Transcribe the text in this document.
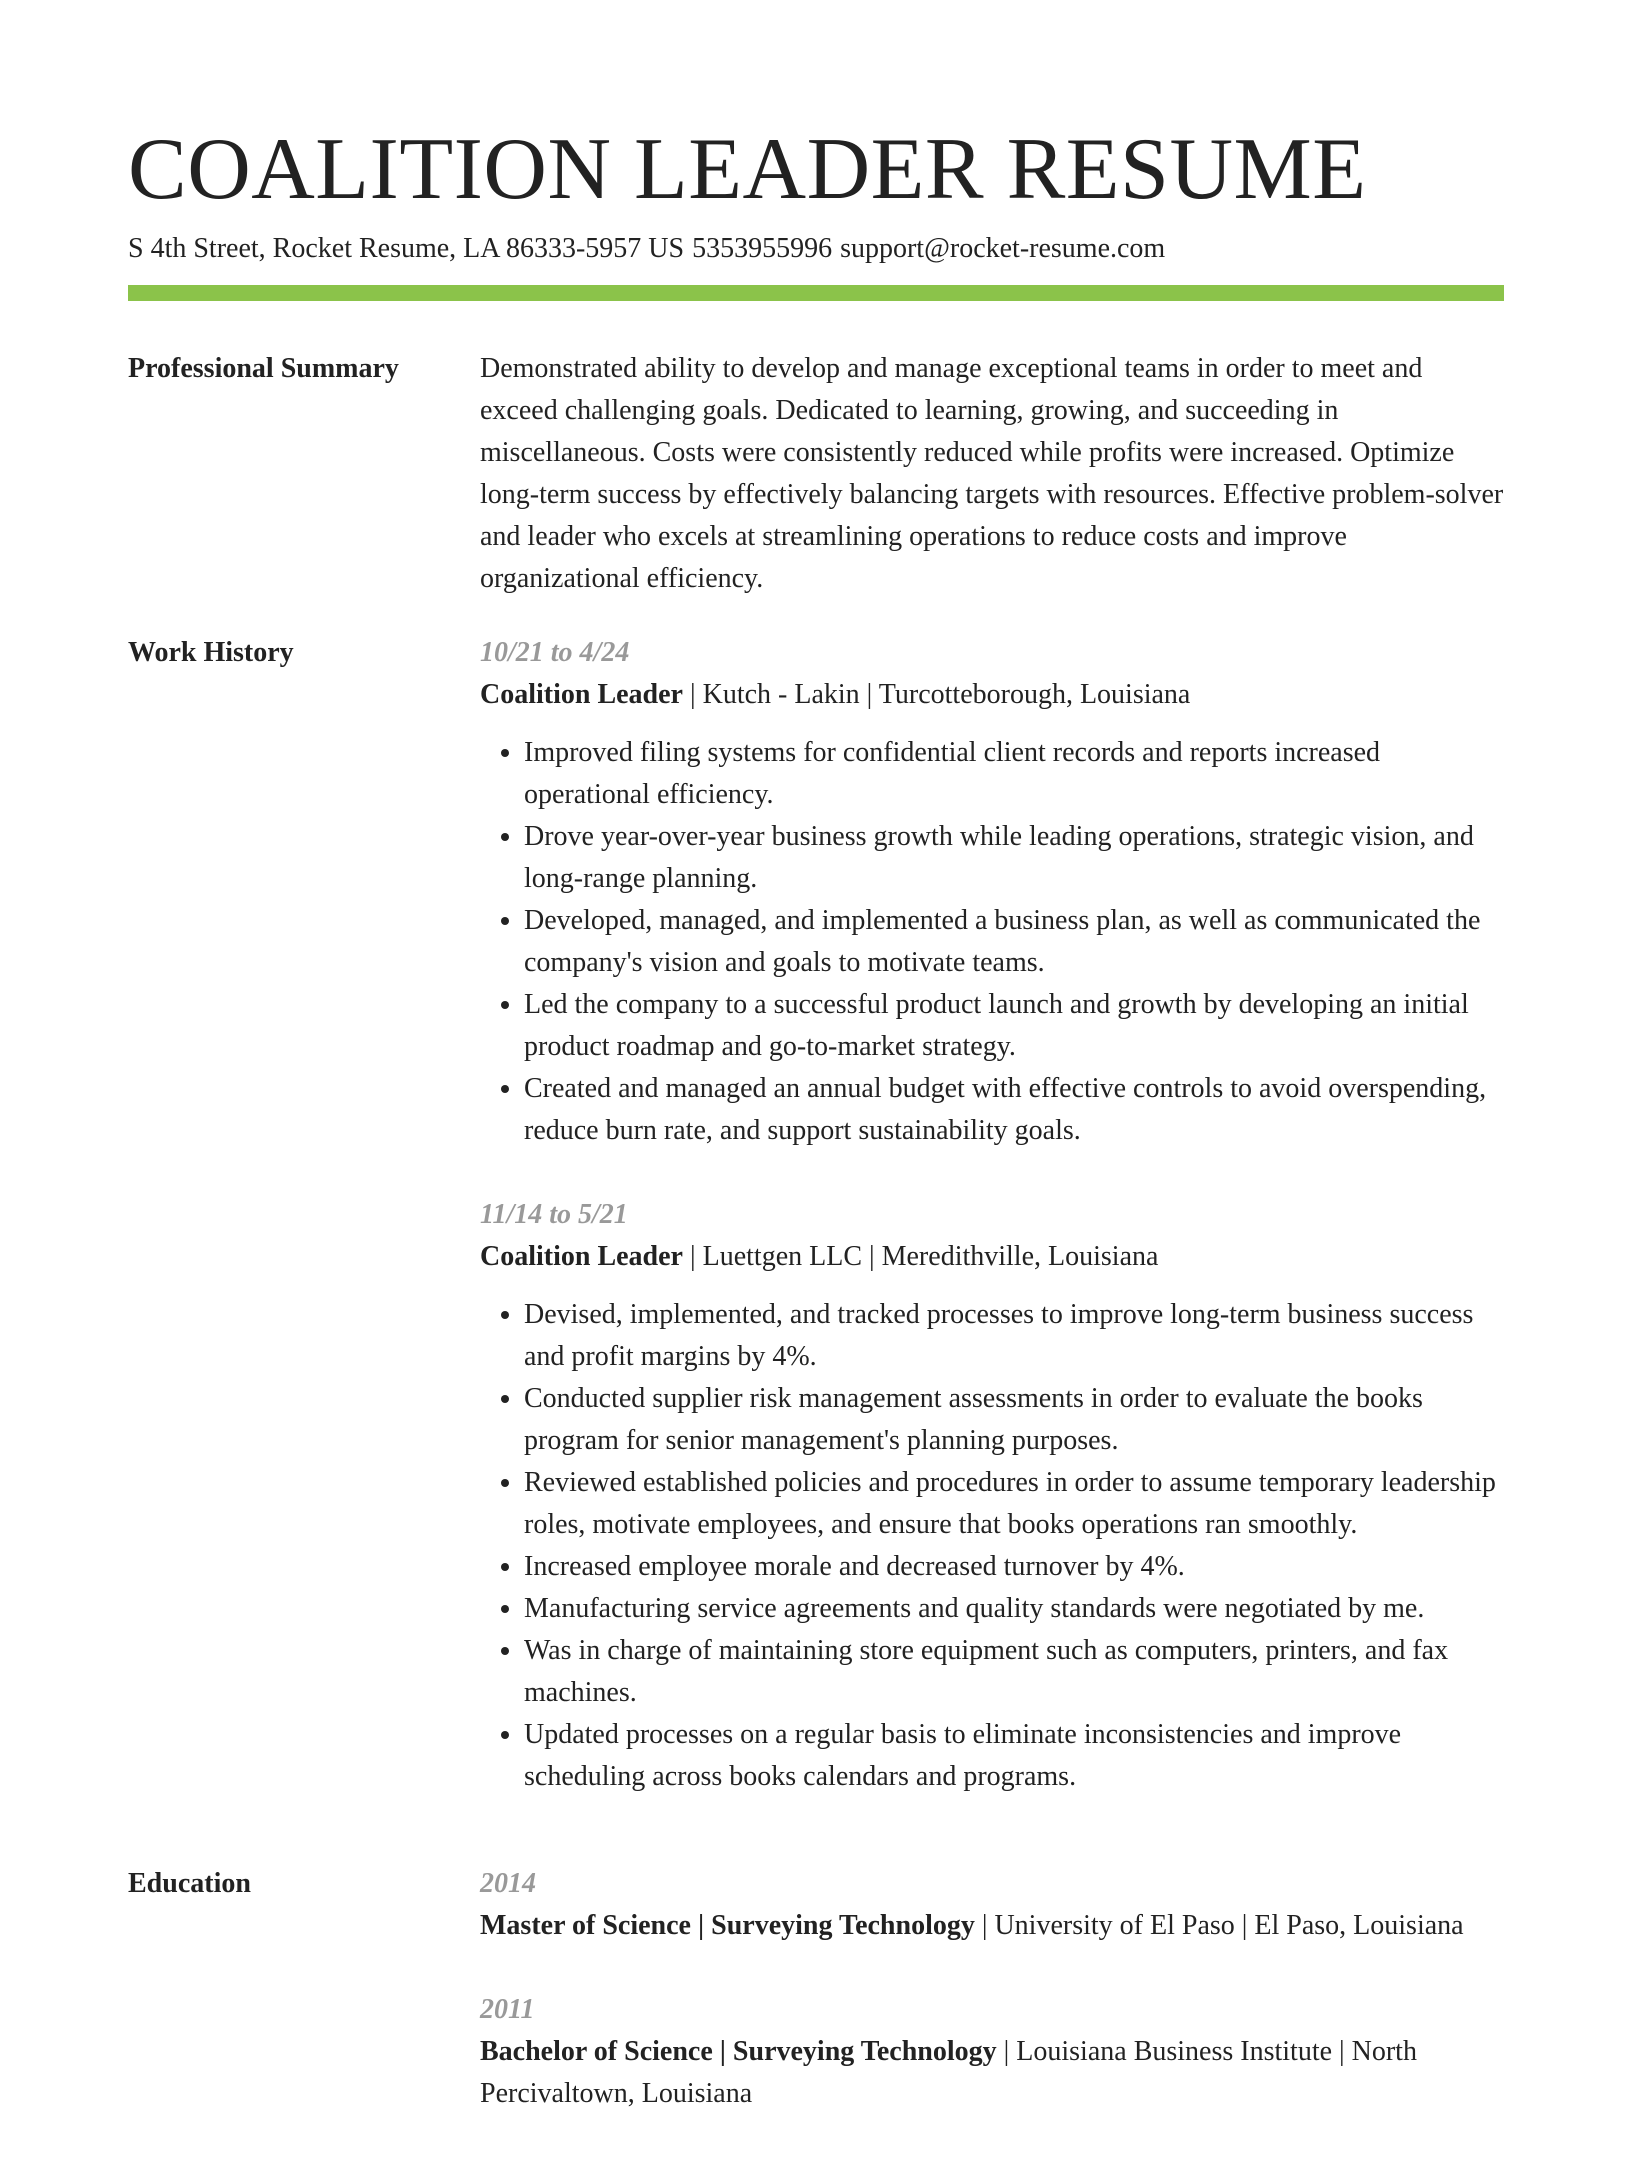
COALITION LEADER RESUME
S 4th Street, Rocket Resume, LA 86333-5957 US 5353955996 support@rocket-resume.com
Professional Summary	Demonstrated ability to develop and manage exceptional teams in order to meet and exceed challenging goals. Dedicated to learning, growing, and succeeding in miscellaneous. Costs were consistently reduced while profits were increased. Optimize long-term success by effectively balancing targets with resources. Effective problem-solver and leader who excels at streamlining operations to reduce costs and improve organizational efficiency.

Work History	10/21 to 4/24
Coalition Leader | Kutch - Lakin | Turcotteborough, Louisiana
• Improved filing systems for confidential client records and reports increased operational efficiency.
• Drove year-over-year business growth while leading operations, strategic vision, and long-range planning.
• Developed, managed, and implemented a business plan, as well as communicated the company's vision and goals to motivate teams.
• Led the company to a successful product launch and growth by developing an initial product roadmap and go-to-market strategy.
• Created and managed an annual budget with effective controls to avoid overspending, reduce burn rate, and support sustainability goals.
11/14 to 5/21
Coalition Leader | Luettgen LLC | Meredithville, Louisiana
• Devised, implemented, and tracked processes to improve long-term business success and profit margins by 4%.
• Conducted supplier risk management assessments in order to evaluate the books program for senior management's planning purposes.
• Reviewed established policies and procedures in order to assume temporary leadership roles, motivate employees, and ensure that books operations ran smoothly.
• Increased employee morale and decreased turnover by 4%.
• Manufacturing service agreements and quality standards were negotiated by me.
• Was in charge of maintaining store equipment such as computers, printers, and fax machines.
• Updated processes on a regular basis to eliminate inconsistencies and improve scheduling across books calendars and programs.
Education	2014
Master of Science | Surveying Technology | University of El Paso | El Paso, Louisiana
2011
Bachelor of Science | Surveying Technology | Louisiana Business Institute | North Percivaltown, Louisiana
